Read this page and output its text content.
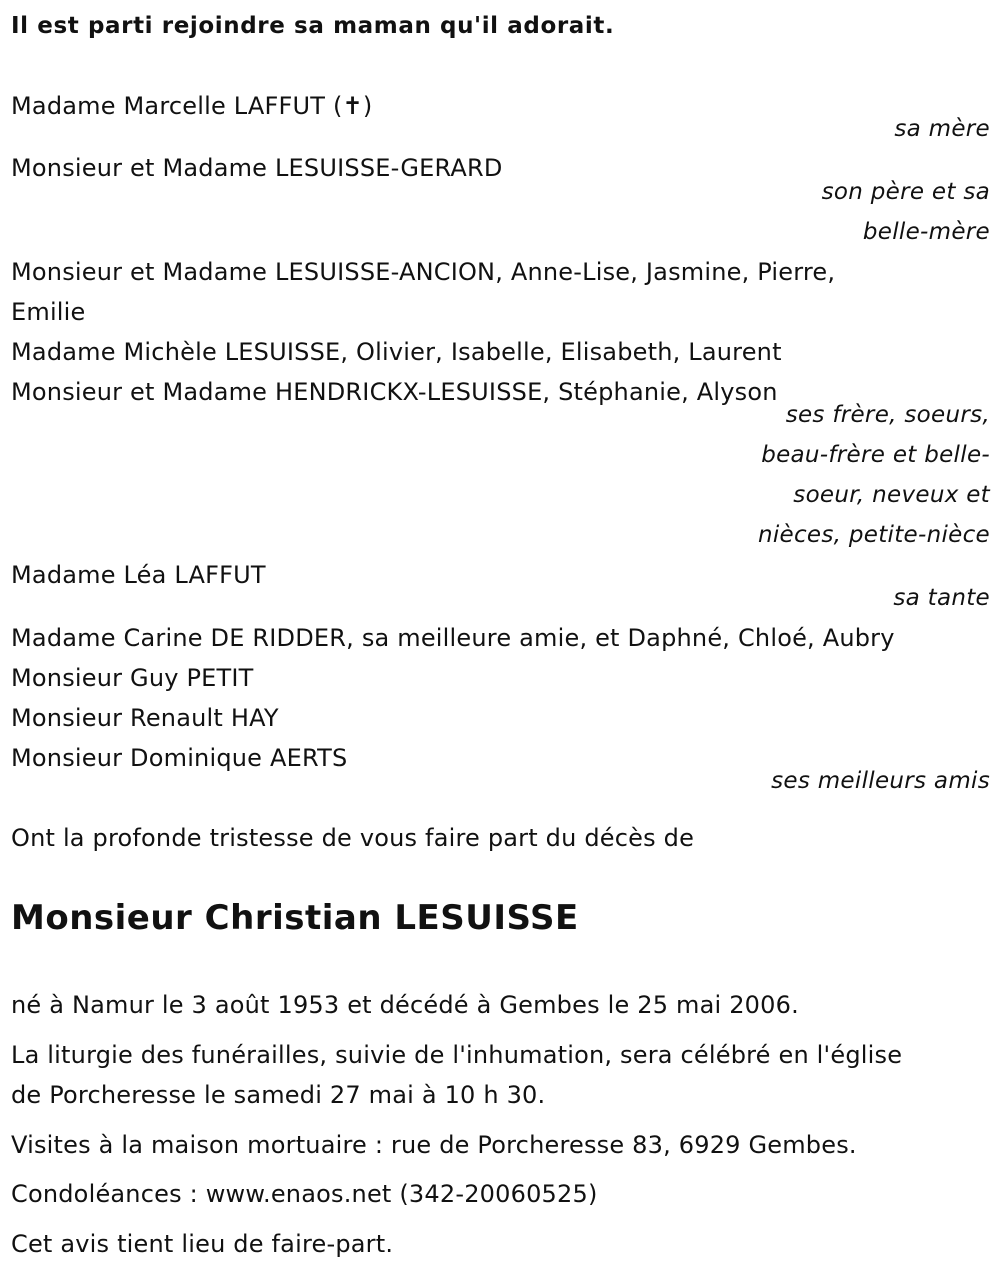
Il est parti rejoindre sa maman qu'il adorait.
Madame Marcelle LAFFUT (✝)
sa mère
Monsieur et Madame LESUISSE-GERARD
son père et sa
belle-mère
Monsieur et Madame LESUISSE-ANCION, Anne-Lise, Jasmine, Pierre,
Emilie
Madame Michèle LESUISSE, Olivier, Isabelle, Elisabeth, Laurent
Monsieur et Madame HENDRICKX-LESUISSE, Stéphanie, Alyson
ses frère, soeurs,
beau-frère et belle-
soeur, neveux et
nièces, petite-nièce
Madame Léa LAFFUT
sa tante
Madame Carine DE RIDDER, sa meilleure amie, et Daphné, Chloé, Aubry
Monsieur Guy PETIT
Monsieur Renault HAY
Monsieur Dominique AERTS
ses meilleurs amis
Ont la profonde tristesse de vous faire part du décès de
Monsieur Christian LESUISSE
né à Namur le 3 août 1953 et décédé à Gembes le 25 mai 2006.
La liturgie des funérailles, suivie de l'inhumation, sera célébré en l'église
de Porcheresse le samedi 27 mai à 10 h 30.
Visites à la maison mortuaire : rue de Porcheresse 83, 6929 Gembes.
Condoléances : www.enaos.net (342-20060525)
Cet avis tient lieu de faire-part.
